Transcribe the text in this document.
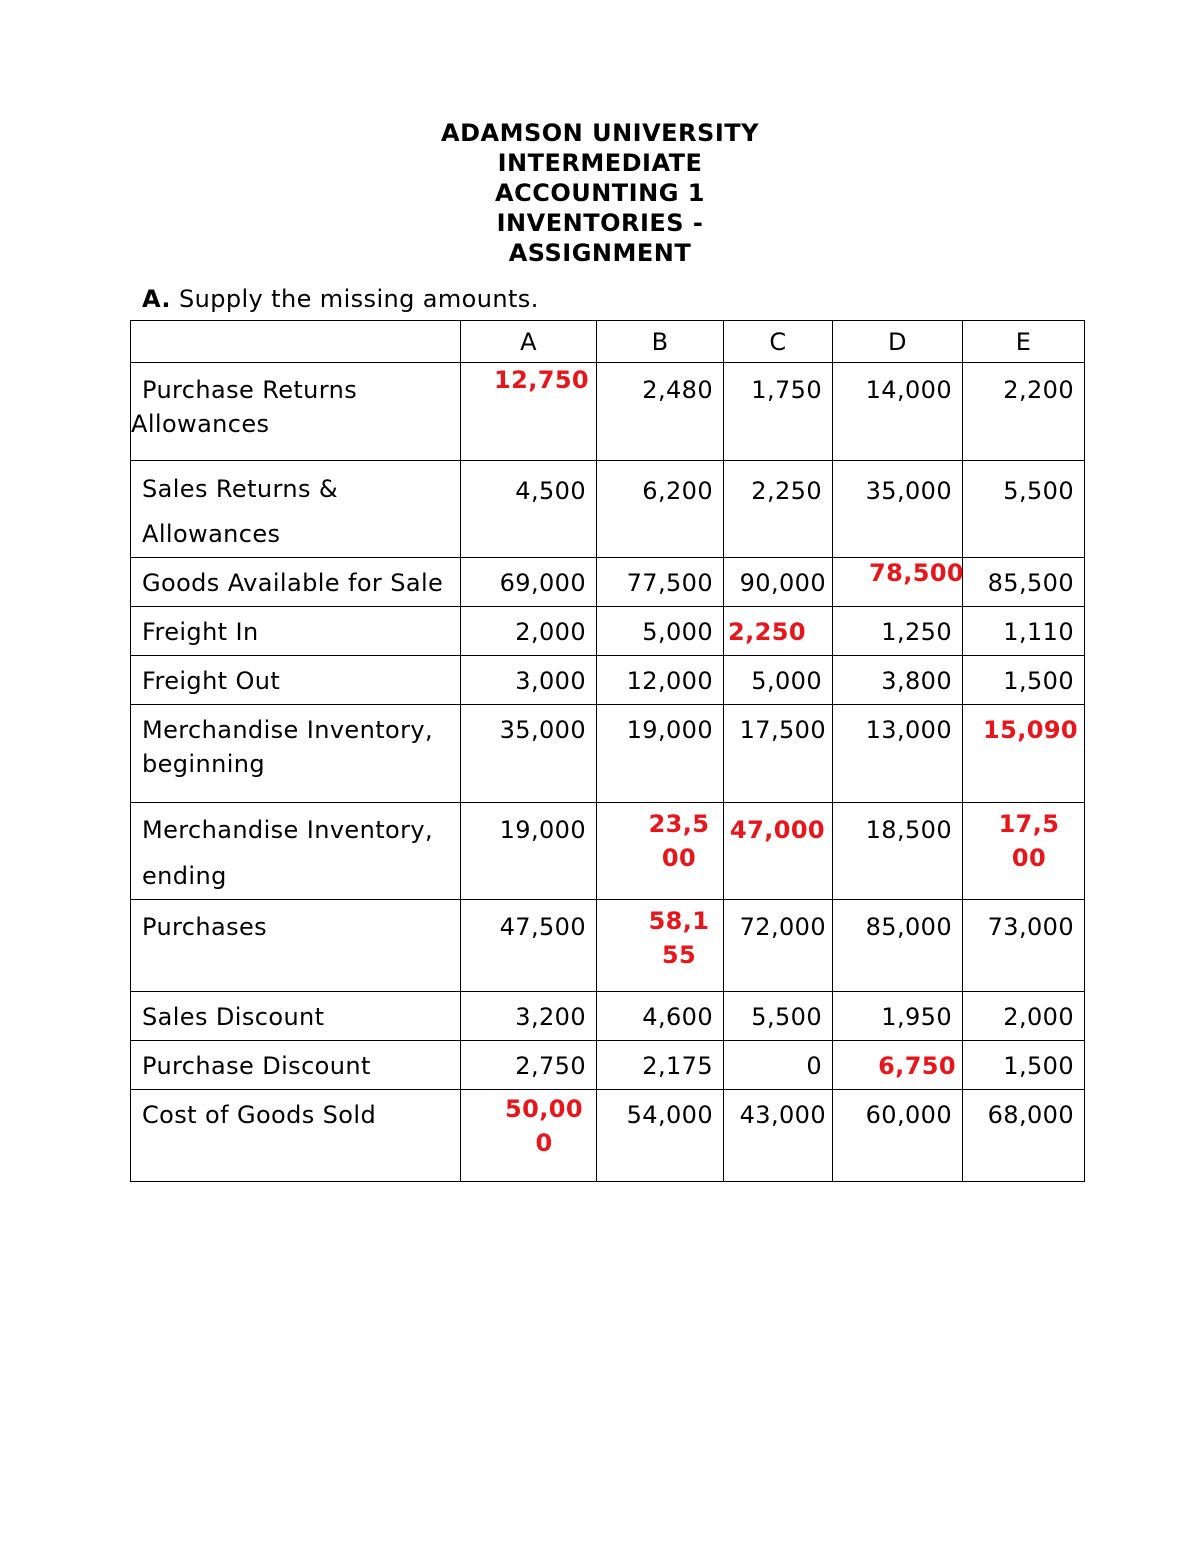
ADAMSON UNIVERSITY
INTERMEDIATE
ACCOUNTING 1
INVENTORIES -
ASSIGNMENT
A. Supply the missing amounts.
	A	B	C	D	E

Purchase Returns
Allowances	12,750	2,480	1,750	14,000	2,200

Sales Returns &
Allowances	4,500	6,200	2,250	35,000	5,500
Goods Available for Sale	69,000	77,500	90,000	78,500	85,500
Freight In	2,000	5,000	2,250	1,250	1,110
Freight Out	3,000	12,000	5,000	3,800	1,500

Merchandise Inventory,
beginning	35,000	19,000	17,500	13,000	15,090

Merchandise Inventory,
ending	19,000	23,500	47,000	18,500	17,500

Purchases	47,500	58,155	72,000	85,000	73,000
Sales Discount	3,200	4,600	5,500	1,950	2,000
Purchase Discount	2,750	2,175	0	6,750	1,500
Cost of Goods Sold	50,000	54,000	43,000	60,000	68,000
